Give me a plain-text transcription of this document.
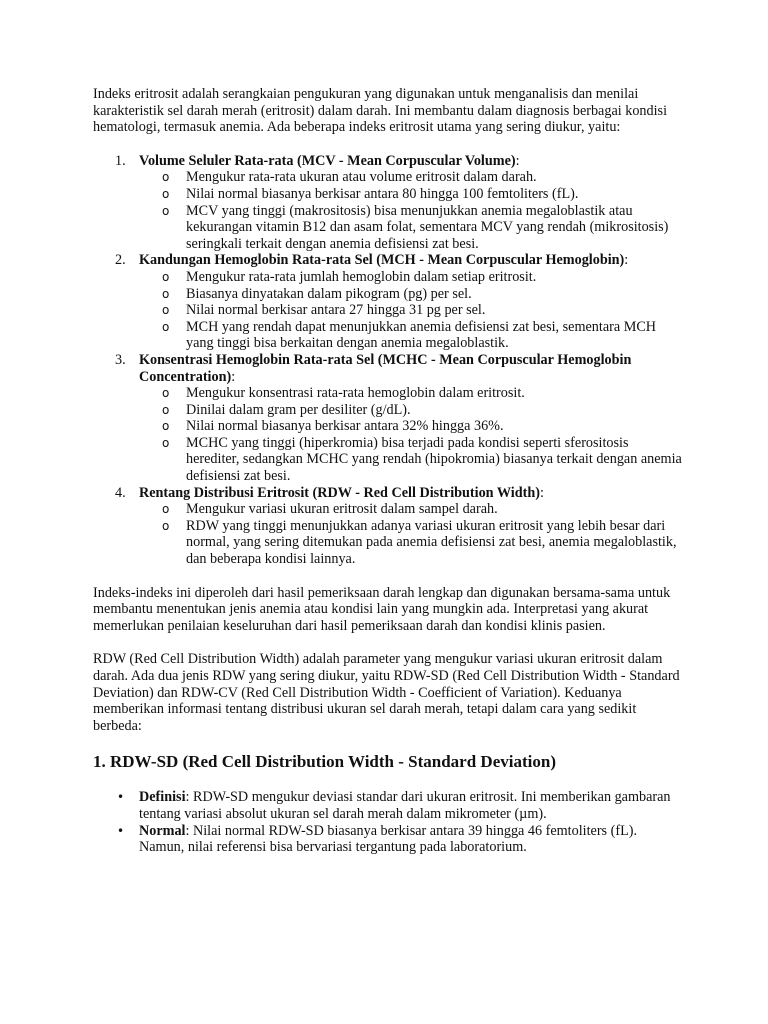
Indeks eritrosit adalah serangkaian pengukuran yang digunakan untuk menganalisis dan menilai karakteristik sel darah merah (eritrosit) dalam darah. Ini membantu dalam diagnosis berbagai kondisi hematologi, termasuk anemia. Ada beberapa indeks eritrosit utama yang sering diukur, yaitu:

1. Volume Seluler Rata-rata (MCV - Mean Corpuscular Volume):
o Mengukur rata-rata ukuran atau volume eritrosit dalam darah.
o Nilai normal biasanya berkisar antara 80 hingga 100 femtoliters (fL).
o MCV yang tinggi (makrositosis) bisa menunjukkan anemia megaloblastik atau kekurangan vitamin B12 dan asam folat, sementara MCV yang rendah (mikrositosis) seringkali terkait dengan anemia defisiensi zat besi.
2. Kandungan Hemoglobin Rata-rata Sel (MCH - Mean Corpuscular Hemoglobin):
o Mengukur rata-rata jumlah hemoglobin dalam setiap eritrosit.
o Biasanya dinyatakan dalam pikogram (pg) per sel.
o Nilai normal berkisar antara 27 hingga 31 pg per sel.
o MCH yang rendah dapat menunjukkan anemia defisiensi zat besi, sementara MCH yang tinggi bisa berkaitan dengan anemia megaloblastik.
3. Konsentrasi Hemoglobin Rata-rata Sel (MCHC - Mean Corpuscular Hemoglobin Concentration):
o Mengukur konsentrasi rata-rata hemoglobin dalam eritrosit.
o Dinilai dalam gram per desiliter (g/dL).
o Nilai normal biasanya berkisar antara 32% hingga 36%.
o MCHC yang tinggi (hiperkromia) bisa terjadi pada kondisi seperti sferositosis herediter, sedangkan MCHC yang rendah (hipokromia) biasanya terkait dengan anemia defisiensi zat besi.
4. Rentang Distribusi Eritrosit (RDW - Red Cell Distribution Width):
o Mengukur variasi ukuran eritrosit dalam sampel darah.
o RDW yang tinggi menunjukkan adanya variasi ukuran eritrosit yang lebih besar dari normal, yang sering ditemukan pada anemia defisiensi zat besi, anemia megaloblastik, dan beberapa kondisi lainnya.

Indeks-indeks ini diperoleh dari hasil pemeriksaan darah lengkap dan digunakan bersama-sama untuk membantu menentukan jenis anemia atau kondisi lain yang mungkin ada. Interpretasi yang akurat memerlukan penilaian keseluruhan dari hasil pemeriksaan darah dan kondisi klinis pasien.

RDW (Red Cell Distribution Width) adalah parameter yang mengukur variasi ukuran eritrosit dalam darah. Ada dua jenis RDW yang sering diukur, yaitu RDW-SD (Red Cell Distribution Width - Standard Deviation) dan RDW-CV (Red Cell Distribution Width - Coefficient of Variation). Keduanya memberikan informasi tentang distribusi ukuran sel darah merah, tetapi dalam cara yang sedikit berbeda:

1. RDW-SD (Red Cell Distribution Width - Standard Deviation)
• Definisi: RDW-SD mengukur deviasi standar dari ukuran eritrosit. Ini memberikan gambaran tentang variasi absolut ukuran sel darah merah dalam mikrometer (µm).
• Normal: Nilai normal RDW-SD biasanya berkisar antara 39 hingga 46 femtoliters (fL). Namun, nilai referensi bisa bervariasi tergantung pada laboratorium.
